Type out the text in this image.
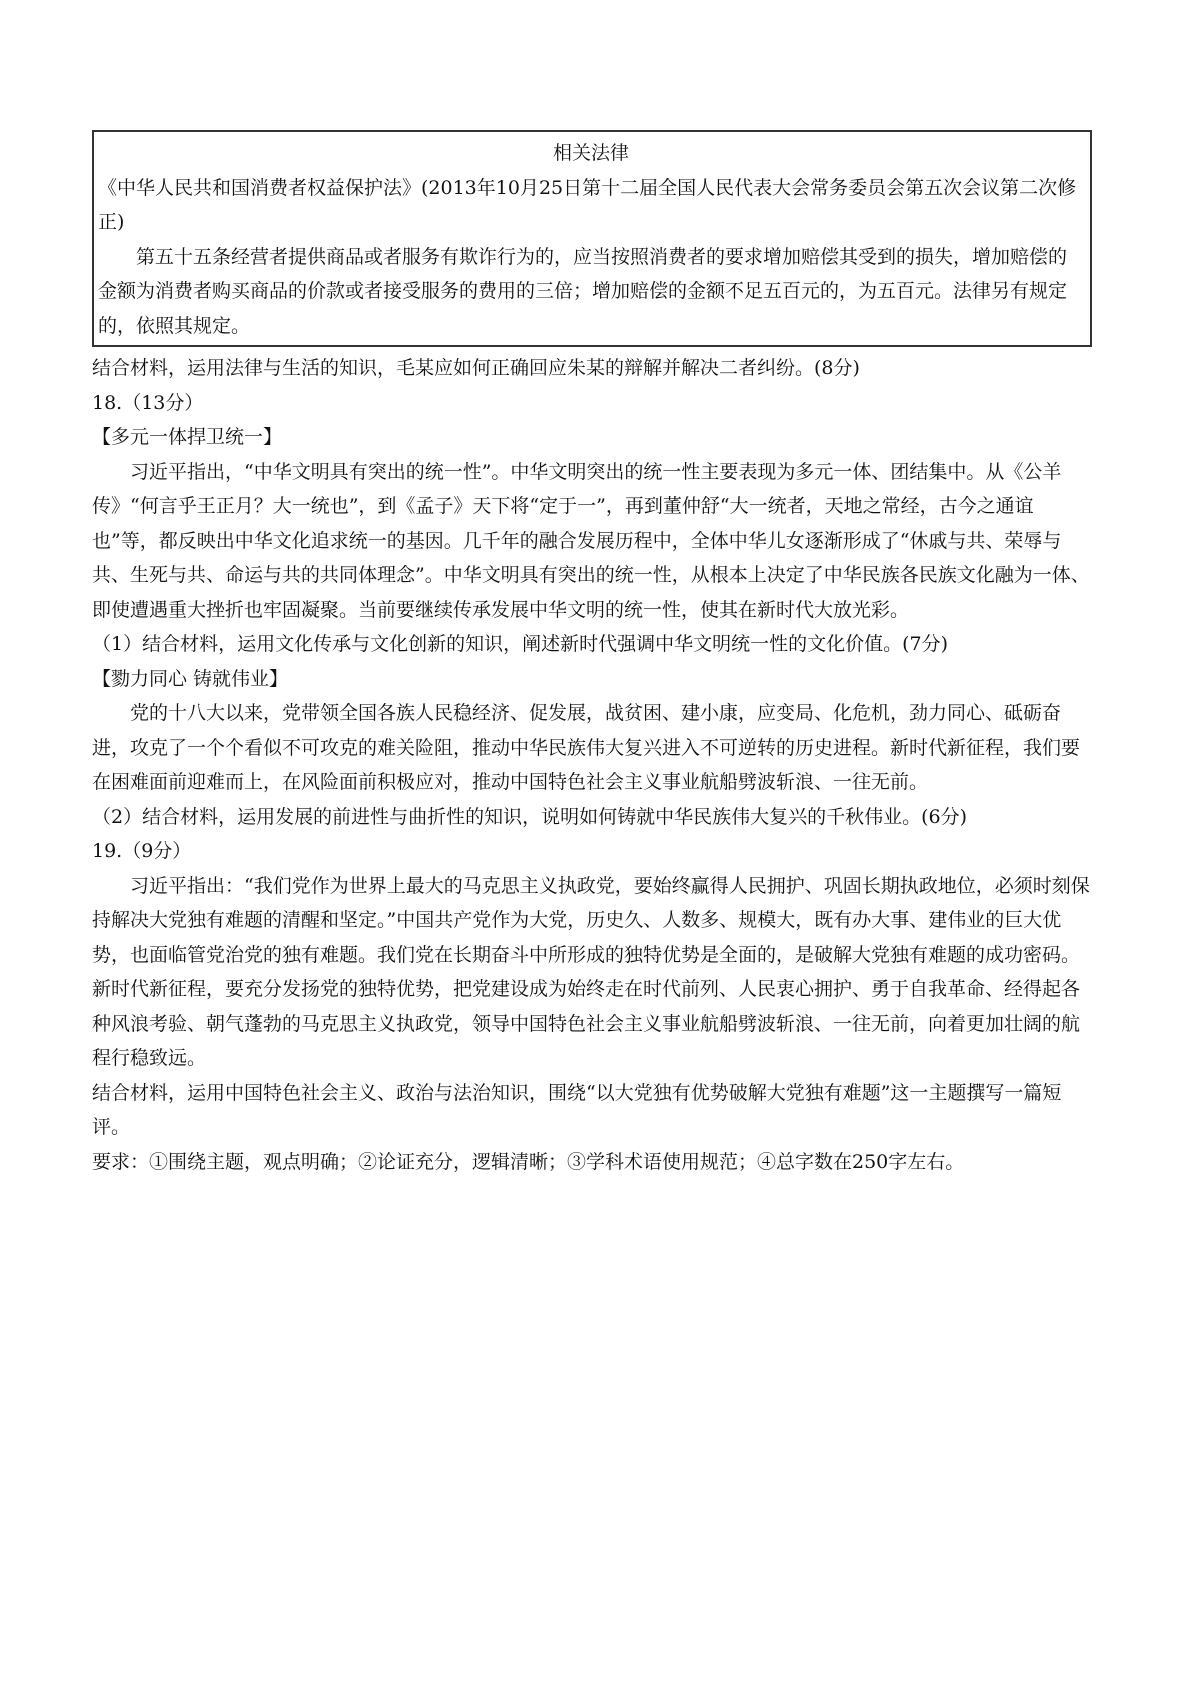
相关法律
《中华人民共和国消费者权益保护法》(2013年10月25日第十二届全国人民代表大会常务委员会第五次会议第二次修正)
第五十五条经营者提供商品或者服务有欺诈行为的，应当按照消费者的要求增加赔偿其受到的损失，增加赔偿的金额为消费者购买商品的价款或者接受服务的费用的三倍；增加赔偿的金额不足五百元的，为五百元。法律另有规定的，依照其规定。
结合材料，运用法律与生活的知识，毛某应如何正确回应朱某的辩解并解决二者纠纷。(8分)
18.（13分）
【多元一体捍卫统一】
习近平指出，“中华文明具有突出的统一性”。中华文明突出的统一性主要表现为多元一体、团结集中。从《公羊传》“何言乎王正月？大一统也”，到《孟子》天下将“定于一”，再到董仲舒“大一统者，天地之常经，古今之通谊也”等，都反映出中华文化追求统一的基因。几千年的融合发展历程中，全体中华儿女逐渐形成了“休戚与共、荣辱与共、生死与共、命运与共的共同体理念”。中华文明具有突出的统一性，从根本上决定了中华民族各民族文化融为一体、即使遭遇重大挫折也牢固凝聚。当前要继续传承发展中华文明的统一性，使其在新时代大放光彩。
（1）结合材料，运用文化传承与文化创新的知识，阐述新时代强调中华文明统一性的文化价值。(7分)
【勠力同心 铸就伟业】
党的十八大以来，党带领全国各族人民稳经济、促发展，战贫困、建小康，应变局、化危机，劲力同心、砥砺奋进，攻克了一个个看似不可攻克的难关险阻，推动中华民族伟大复兴进入不可逆转的历史进程。新时代新征程，我们要在困难面前迎难而上，在风险面前积极应对，推动中国特色社会主义事业航船劈波斩浪、一往无前。
（2）结合材料，运用发展的前进性与曲折性的知识，说明如何铸就中华民族伟大复兴的千秋伟业。(6分)
19.（9分）
习近平指出：“我们党作为世界上最大的马克思主义执政党，要始终赢得人民拥护、巩固长期执政地位，必须时刻保持解决大党独有难题的清醒和坚定。”中国共产党作为大党，历史久、人数多、规模大，既有办大事、建伟业的巨大优势，也面临管党治党的独有难题。我们党在长期奋斗中所形成的独特优势是全面的，是破解大党独有难题的成功密码。新时代新征程，要充分发扬党的独特优势，把党建设成为始终走在时代前列、人民衷心拥护、勇于自我革命、经得起各种风浪考验、朝气蓬勃的马克思主义执政党，领导中国特色社会主义事业航船劈波斩浪、一往无前，向着更加壮阔的航程行稳致远。
结合材料，运用中国特色社会主义、政治与法治知识，围绕“以大党独有优势破解大党独有难题”这一主题撰写一篇短评。
要求：①围绕主题，观点明确；②论证充分，逻辑清晰；③学科术语使用规范；④总字数在250字左右。
